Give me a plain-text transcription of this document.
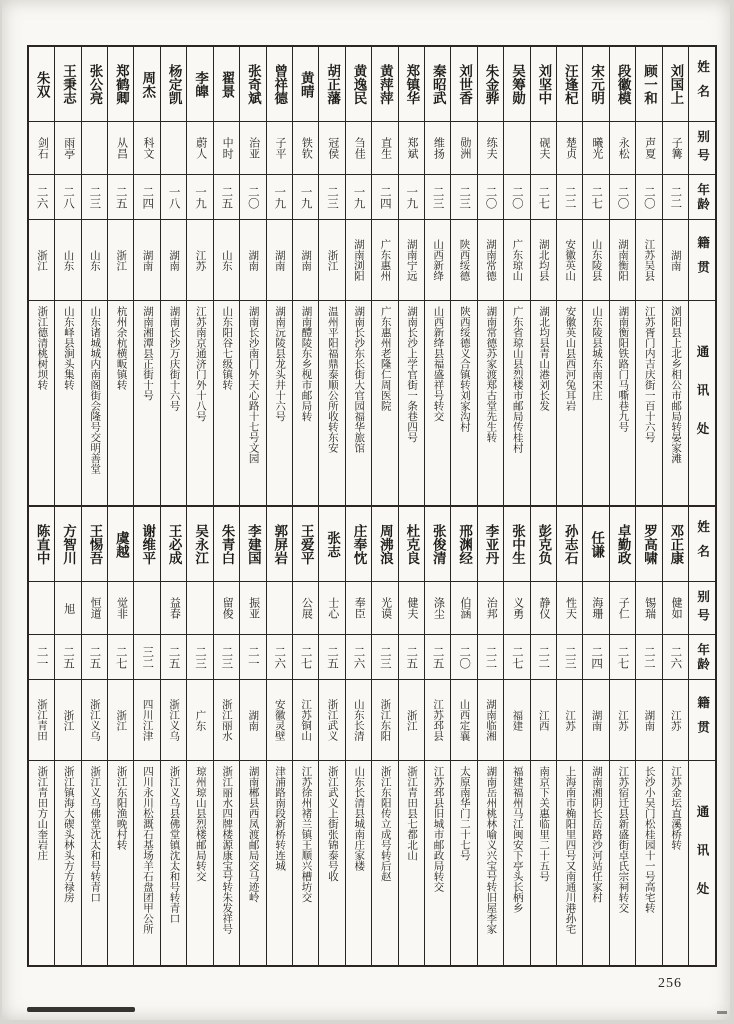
姓名
别号
年龄
籍贯
通讯处
刘国上
子篝
二二
湖南
浏阳县上北乡相公市邮局转晏家滩
顾一和
声夏
二〇
江苏吴县
江苏胥门内吉庆街一百十六号
段徽模
永松
二〇
湖南衡阳
湖南衡阳铁路门马嘶巷九号
宋元明
曦光
二七
山东陵县
山东陵县城东南宋庄
汪逢杞
楚贞
二二
安徽英山
安徽英山县西河兔耳岩
刘坚中
砚夫
二七
湖北均县
湖北均县青山港刘长发
吴筹勋
二〇
广东琼山
广东省琼山县烈楼市邮局传桂村
朱金骅
练夫
二〇
湖南常德
湖南常德苏家渡郑古堂先生转
刘世香
勋洲
二三
陕西绥德
陕西绥德义合镇转刘家沟村
秦昭武
维扬
二三
山西新绛
山西新绛县福盛祥号转交
郑镇华
郑斌
一九
湖南宁远
湖南长沙上学官街一条巷四号
黄萍萍
直生
二四
广东惠州
广东惠州老隆仁周医院
黄逸民
刍佳
一九
湖南浏阳
湖南长沙东长街大官园福华旅馆
胡正藩
冠侯
二三
浙江
温州平阳福鼎泰顺公所收转东安
黄晴
铁钦
一九
湖南
湖南醴陵东乡枧市邮局转
曾祥德
子平
一九
湖南
湖南沅陵县龙头井十六号
张奇斌
治亚
二〇
湖南
湖南长沙南门外天心路十七号文园
翟景
中时
二五
山东
山东阳谷七级镇转
李皥
蔚人
一九
江苏
江苏南京通济门外十八号
杨定凯
一八
湖南
湖南长沙万庆街十六号
周杰
科文
二四
湖南
湖南湘潭县正街十号
郑鹤卿
从昌
二五
浙江
杭州余杭横畈镇转
张公亮
二三
山东
山东诸城城内南阁街会隆号交明善堂
王秉志
雨亭
二八
山东
山东峄县涧头集转
朱双
剑石
二六
浙江
浙江德清桃树坝转
姓名
别号
年龄
籍贯
通讯处
邓正康
健如
二六
江苏
江苏金坛直溪桥转
罗高啸
锡瑞
二二
湖南
长沙小吴门松桂园十一号高宅转
卓勤政
子仁
二七
江苏
江苏宿迁县新盛街卓氏宗祠转交
任谦
海珊
二四
湖南
湖南湘阴长岳路沙河站任家村
孙志石
性天
二三
江苏
上海南市桷阳里四号又南通川港孙宅
彭克负
静仪
二二
江西
南京下关惠临里二十五号
张中生
义勇
二七
福建
福建福州马江闽安下亭头长柄乡
李亚丹
治邦
二二
湖南临湘
湖南岳州桃林喻义兴宝号转旧屋李家
邢渊经
伯涵
二〇
山西定襄
太原南华门二十七号
张俊清
涤尘
二五
江苏邳县
江苏邳县旧城市邮政局转交
杜克良
健夫
二五
浙江
浙江青田县七都北山
周沸浪
光谟
二三
浙江东阳
浙江东阳传立成号转后赵
庄奉忱
奉臣
二六
山东长清
山东长清县城南庄家楼
张志
士心
二五
浙江武义
浙江武义上街张锦泰号收
王爱平
公展
二七
江苏铜山
江苏徐州褚兰镇王顺兴槽坊交
郭屏岩
二六
安徽灵壁
津浦路南段新桥转连城
李建国
振亚
二一
湖南
湖南郴县西凤渡邮局交马迹岭
朱青白
留俊
二三
浙江丽水
浙江丽水四牌楼源康宝号转朱发祥号
吴永江
二三
广东
琼州琼山县烈楼邮局转交
王必成
益春
二五
浙江义乌
浙江义乌县佛堂镇沈太和号转青口
谢维平
三二
四川江津
四川永川松溉石基场羊石盘团甲公所
虞越
觉非
二七
浙江
浙江东阳渔晚村转
王惕吾
恒道
二五
浙江义乌
浙江义乌佛堂沈太和号转青口
方智川
旭
二五
浙江
浙江镇海大碶头林头方方禄房
陈直中
二一
浙江青田
浙江青田方山奎岩庄
256
